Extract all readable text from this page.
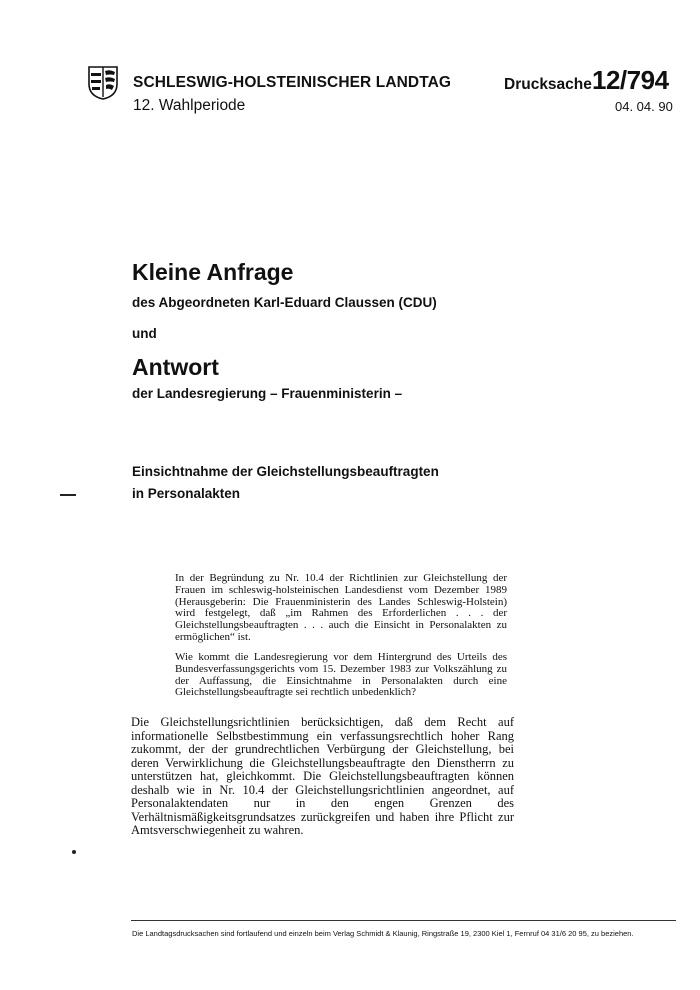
SCHLESWIG-HOLSTEINISCHER LANDTAG
12. Wahlperiode
Drucksache 12/794
04. 04. 90
Kleine Anfrage
des Abgeordneten Karl-Eduard Claussen (CDU)
und
Antwort
der Landesregierung – Frauenministerin –
Einsichtnahme der Gleichstellungsbeauftragten in Personalakten
In der Begründung zu Nr. 10.4 der Richtlinien zur Gleichstellung der Frauen im schleswig-holsteinischen Landesdienst vom Dezember 1989 (Herausgeberin: Die Frauenministerin des Landes Schleswig-Holstein) wird festgelegt, daß „im Rahmen des Erforderlichen . . . der Gleichstellungsbeauftragten . . . auch die Einsicht in Personalakten zu ermöglichen“ ist.
Wie kommt die Landesregierung vor dem Hintergrund des Urteils des Bundesverfassungsgerichts vom 15. Dezember 1983 zur Volkszählung zu der Auffassung, die Einsichtnahme in Personalakten durch eine Gleichstellungsbeauftragte sei rechtlich unbedenklich?
Die Gleichstellungsrichtlinien berücksichtigen, daß dem Recht auf informationelle Selbstbestimmung ein verfassungsrechtlich hoher Rang zukommt, der der grundrechtlichen Verbürgung der Gleichstellung, bei deren Verwirklichung die Gleichstellungsbeauftragte den Dienstherrn zu unterstützen hat, gleichkommt. Die Gleichstellungsbeauftragten können deshalb wie in Nr. 10.4 der Gleichstellungsrichtlinien angeordnet, auf Personalaktendaten nur in den engen Grenzen des Verhältnismäßigkeitsgrundsatzes zurückgreifen und haben ihre Pflicht zur Amtsverschwiegenheit zu wahren.
Die Landtagsdrucksachen sind fortlaufend und einzeln beim Verlag Schmidt & Klaunig, Ringstraße 19, 2300 Kiel 1, Fernruf 04 31/6 20 95, zu beziehen.
